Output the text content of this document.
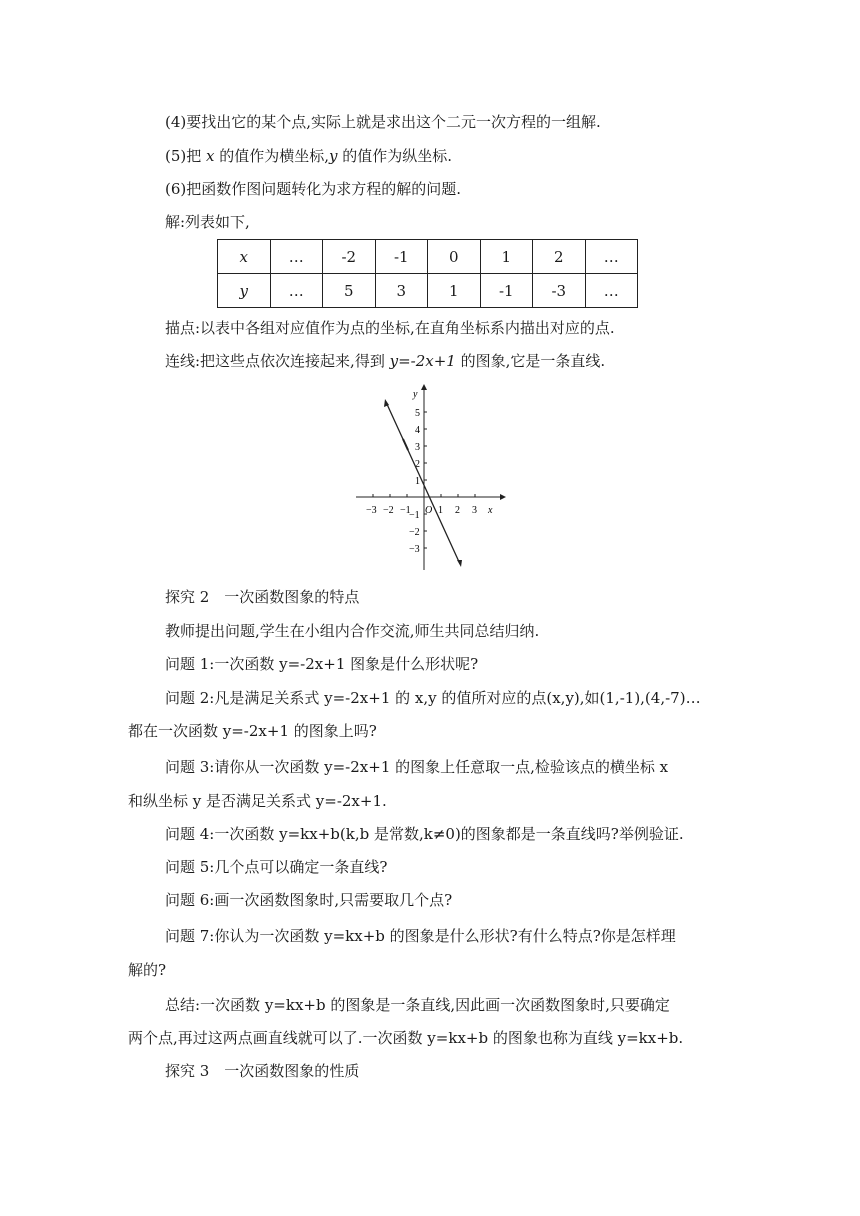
(4)要找出它的某个点,实际上就是求出这个二元一次方程的一组解.
(5)把 x 的值作为横坐标,y 的值作为纵坐标.
(6)把函数作图问题转化为求方程的解的问题.
解:列表如下,
x	…	-2	-1	0	1	2	…
y	…	5	3	1	-1	-3	…
描点:以表中各组对应值作为点的坐标,在直角坐标系内描出对应的点.
连线:把这些点依次连接起来,得到 y=-2x+1 的图象,它是一条直线.
x
y
O
−3 −2 −1	1 2 3
5
4
3
2
1
−1
−2
−3
探究 2　一次函数图象的特点
教师提出问题,学生在小组内合作交流,师生共同总结归纳.
问题 1:一次函数 y=-2x+1 图象是什么形状呢?
问题 2:凡是满足关系式 y=-2x+1 的 x,y 的值所对应的点(x,y),如(1,-1),(4,-7)…
都在一次函数 y=-2x+1 的图象上吗?
问题 3:请你从一次函数 y=-2x+1 的图象上任意取一点,检验该点的横坐标 x
和纵坐标 y 是否满足关系式 y=-2x+1.
问题 4:一次函数 y=kx+b(k,b 是常数,k≠0)的图象都是一条直线吗?举例验证.
问题 5:几个点可以确定一条直线?
问题 6:画一次函数图象时,只需要取几个点?
问题 7:你认为一次函数 y=kx+b 的图象是什么形状?有什么特点?你是怎样理
解的?
总结:一次函数 y=kx+b 的图象是一条直线,因此画一次函数图象时,只要确定
两个点,再过这两点画直线就可以了.一次函数 y=kx+b 的图象也称为直线 y=kx+b.
探究 3　一次函数图象的性质
